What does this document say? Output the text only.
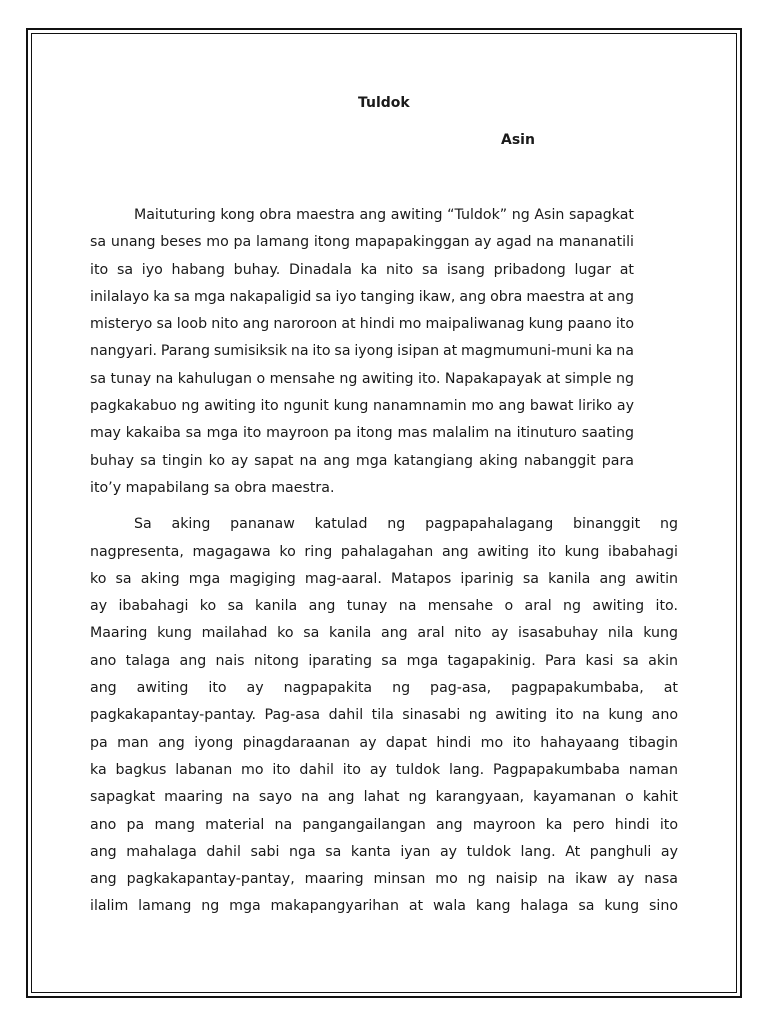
Tuldok
Asin
Maituturing kong obra maestra ang awiting “Tuldok” ng Asin sapagkat
sa unang beses mo pa lamang itong mapapakinggan ay agad na mananatili
ito sa iyo habang buhay. Dinadala ka nito sa isang pribadong lugar at
inilalayo ka sa mga nakapaligid sa iyo tanging ikaw, ang obra maestra at ang
misteryo sa loob nito ang naroroon at hindi mo maipaliwanag kung paano ito
nangyari. Parang sumisiksik na ito sa iyong isipan at magmumuni-muni ka na
sa tunay na kahulugan o mensahe ng awiting ito. Napakapayak at simple ng
pagkakabuo ng awiting ito ngunit kung nanamnamin mo ang bawat liriko ay
may kakaiba sa mga ito mayroon pa itong mas malalim na itinuturo saating
buhay sa tingin ko ay sapat na ang mga katangiang aking nabanggit para
ito’y mapabilang sa obra maestra.
Sa aking pananaw katulad ng pagpapahalagang binanggit ng
nagpresenta, magagawa ko ring pahalagahan ang awiting ito kung ibabahagi
ko sa aking mga magiging mag-aaral. Matapos iparinig sa kanila ang awitin
ay ibabahagi ko sa kanila ang tunay na mensahe o aral ng awiting ito.
Maaring kung mailahad ko sa kanila ang aral nito ay isasabuhay nila kung
ano talaga ang nais nitong iparating sa mga tagapakinig. Para kasi sa akin
ang awiting ito ay nagpapakita ng pag-asa, pagpapakumbaba, at
pagkakapantay-pantay. Pag-asa dahil tila sinasabi ng awiting ito na kung ano
pa man ang iyong pinagdaraanan ay dapat hindi mo ito hahayaang tibagin
ka bagkus labanan mo ito dahil ito ay tuldok lang. Pagpapakumbaba naman
sapagkat maaring na sayo na ang lahat ng karangyaan, kayamanan o kahit
ano pa mang material na pangangailangan ang mayroon ka pero hindi ito
ang mahalaga dahil sabi nga sa kanta iyan ay tuldok lang. At panghuli ay
ang pagkakapantay-pantay, maaring minsan mo ng naisip na ikaw ay nasa
ilalim lamang ng mga makapangyarihan at wala kang halaga sa kung sino
